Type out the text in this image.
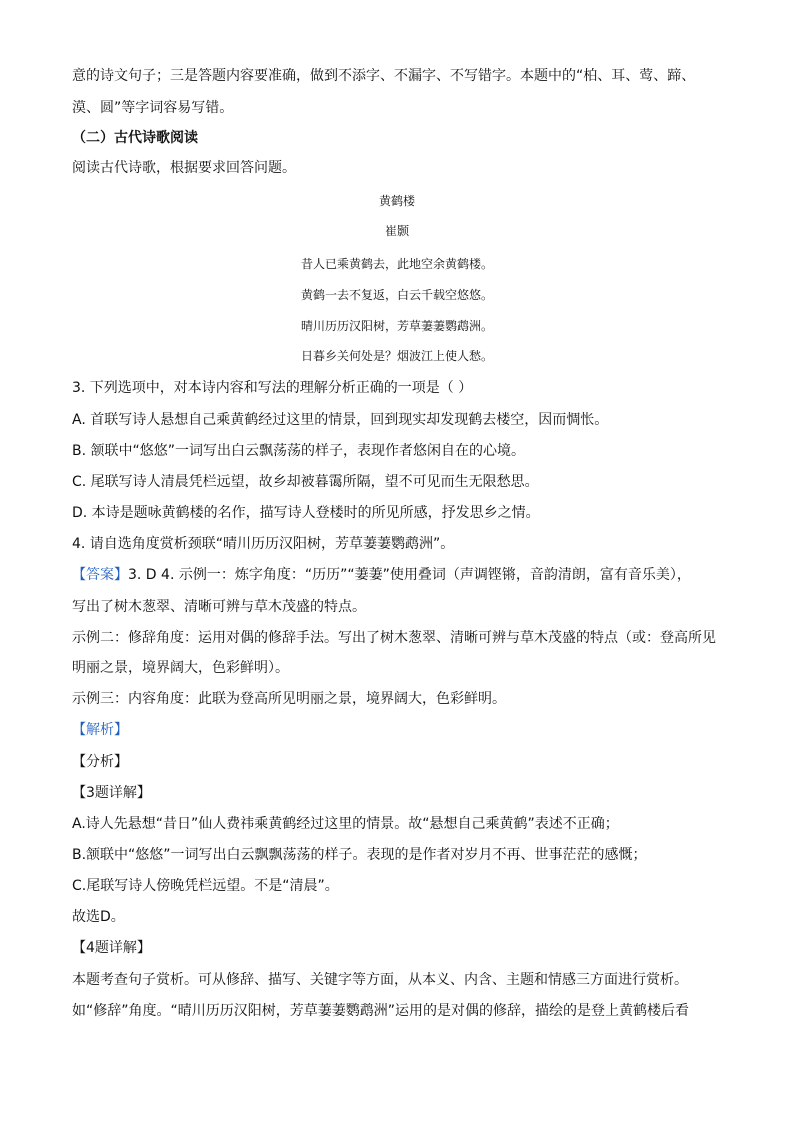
意的诗文句子；三是答题内容要准确，做到不添字、不漏字、不写错字。本题中的“柏、耳、莺、蹄、
漠、圆”等字词容易写错。
（二）古代诗歌阅读
阅读古代诗歌，根据要求回答问题。
黄鹤楼
崔颢
昔人已乘黄鹤去，此地空余黄鹤楼。
黄鹤一去不复返，白云千载空悠悠。
晴川历历汉阳树，芳草萋萋鹦鹉洲。
日暮乡关何处是？烟波江上使人愁。
3. 下列选项中，对本诗内容和写法的理解分析正确的一项是（ ）
A. 首联写诗人悬想自己乘黄鹤经过这里的情景，回到现实却发现鹤去楼空，因而惆怅。
B. 颔联中“悠悠”一词写出白云飘荡荡的样子，表现作者悠闲自在的心境。
C. 尾联写诗人清晨凭栏远望，故乡却被暮霭所隔，望不可见而生无限愁思。
D. 本诗是题咏黄鹤楼的名作，描写诗人登楼时的所见所感，抒发思乡之情。
4. 请自选角度赏析颈联“晴川历历汉阳树，芳草萋萋鹦鹉洲”。
【答案】3. D 4. 示例一：炼字角度：“历历”“萋萋”使用叠词（声调铿锵，音韵清朗，富有音乐美），
写出了树木葱翠、清晰可辨与草木茂盛的特点。
示例二：修辞角度：运用对偶的修辞手法。写出了树木葱翠、清晰可辨与草木茂盛的特点（或：登高所见
明丽之景，境界阔大，色彩鲜明）。
示例三：内容角度：此联为登高所见明丽之景，境界阔大，色彩鲜明。
【解析】
【分析】
【3题详解】
A.诗人先悬想“昔日”仙人费祎乘黄鹤经过这里的情景。故“悬想自己乘黄鹤”表述不正确；
B.颔联中“悠悠”一词写出白云飘飘荡荡的样子。表现的是作者对岁月不再、世事茫茫的感慨；
C.尾联写诗人傍晚凭栏远望。不是“清晨”。
故选D。
【4题详解】
本题考查句子赏析。可从修辞、描写、关键字等方面，从本义、内含、主题和情感三方面进行赏析。
如“修辞”角度。“晴川历历汉阳树，芳草萋萋鹦鹉洲”运用的是对偶的修辞，描绘的是登上黄鹤楼后看
